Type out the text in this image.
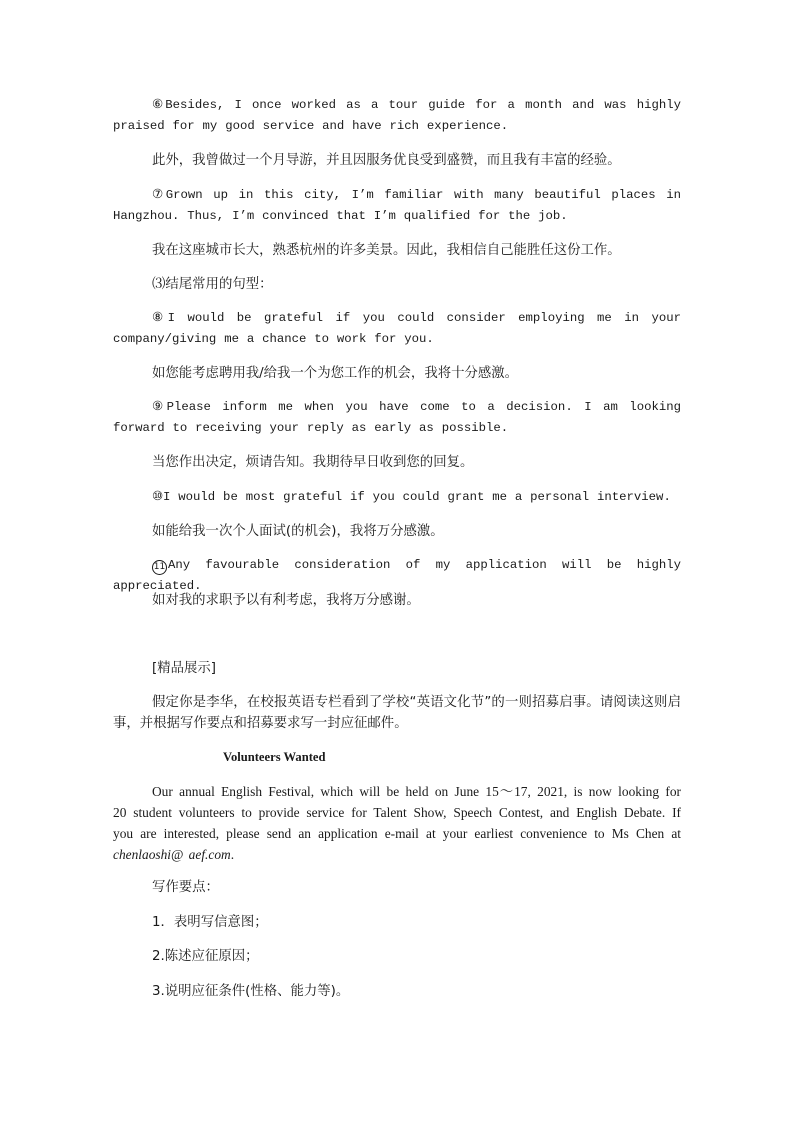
⑥Besides, I once worked as a tour guide for a month and was highly praised for my good service and have rich experience.

此外，我曾做过一个月导游，并且因服务优良受到盛赞，而且我有丰富的经验。

⑦Grown up in this city, I’m familiar with many beautiful places in Hangzhou. Thus, I’m convinced that I’m qualified for the job.

我在这座城市长大，熟悉杭州的许多美景。因此，我相信自己能胜任这份工作。

⑶结尾常用的句型：

⑧I would be grateful if you could consider employing me in your company/giving me a chance to work for you.

如您能考虑聘用我/给我一个为您工作的机会，我将十分感激。

⑨Please inform me when you have come to a decision. I am looking forward to receiving your reply as early as possible.

当您作出决定，烦请告知。我期待早日收到您的回复。

⑩I would be most grateful if you could grant me a personal interview.

如能给我一次个人面试(的机会)，我将万分感激。

11 Any favourable consideration of my application will be highly appreciated.

如对我的求职予以有利考虑，我将万分感谢。

[精品展示]

假定你是李华，在校报英语专栏看到了学校“英语文化节”的一则招募启事。请阅读这则启事，并根据写作要点和招募要求写一封应征邮件。

Volunteers Wanted

Our annual English Festival, which will be held on June 15～17, 2021, is now looking for 20 student volunteers to provide service for Talent Show, Speech Contest, and English Debate. If you are interested, please send an application e-mail at your earliest convenience to Ms Chen at chenlaoshi@ aef.com.

写作要点：

1．表明写信意图；

2.陈述应征原因；

3.说明应征条件(性格、能力等)。
